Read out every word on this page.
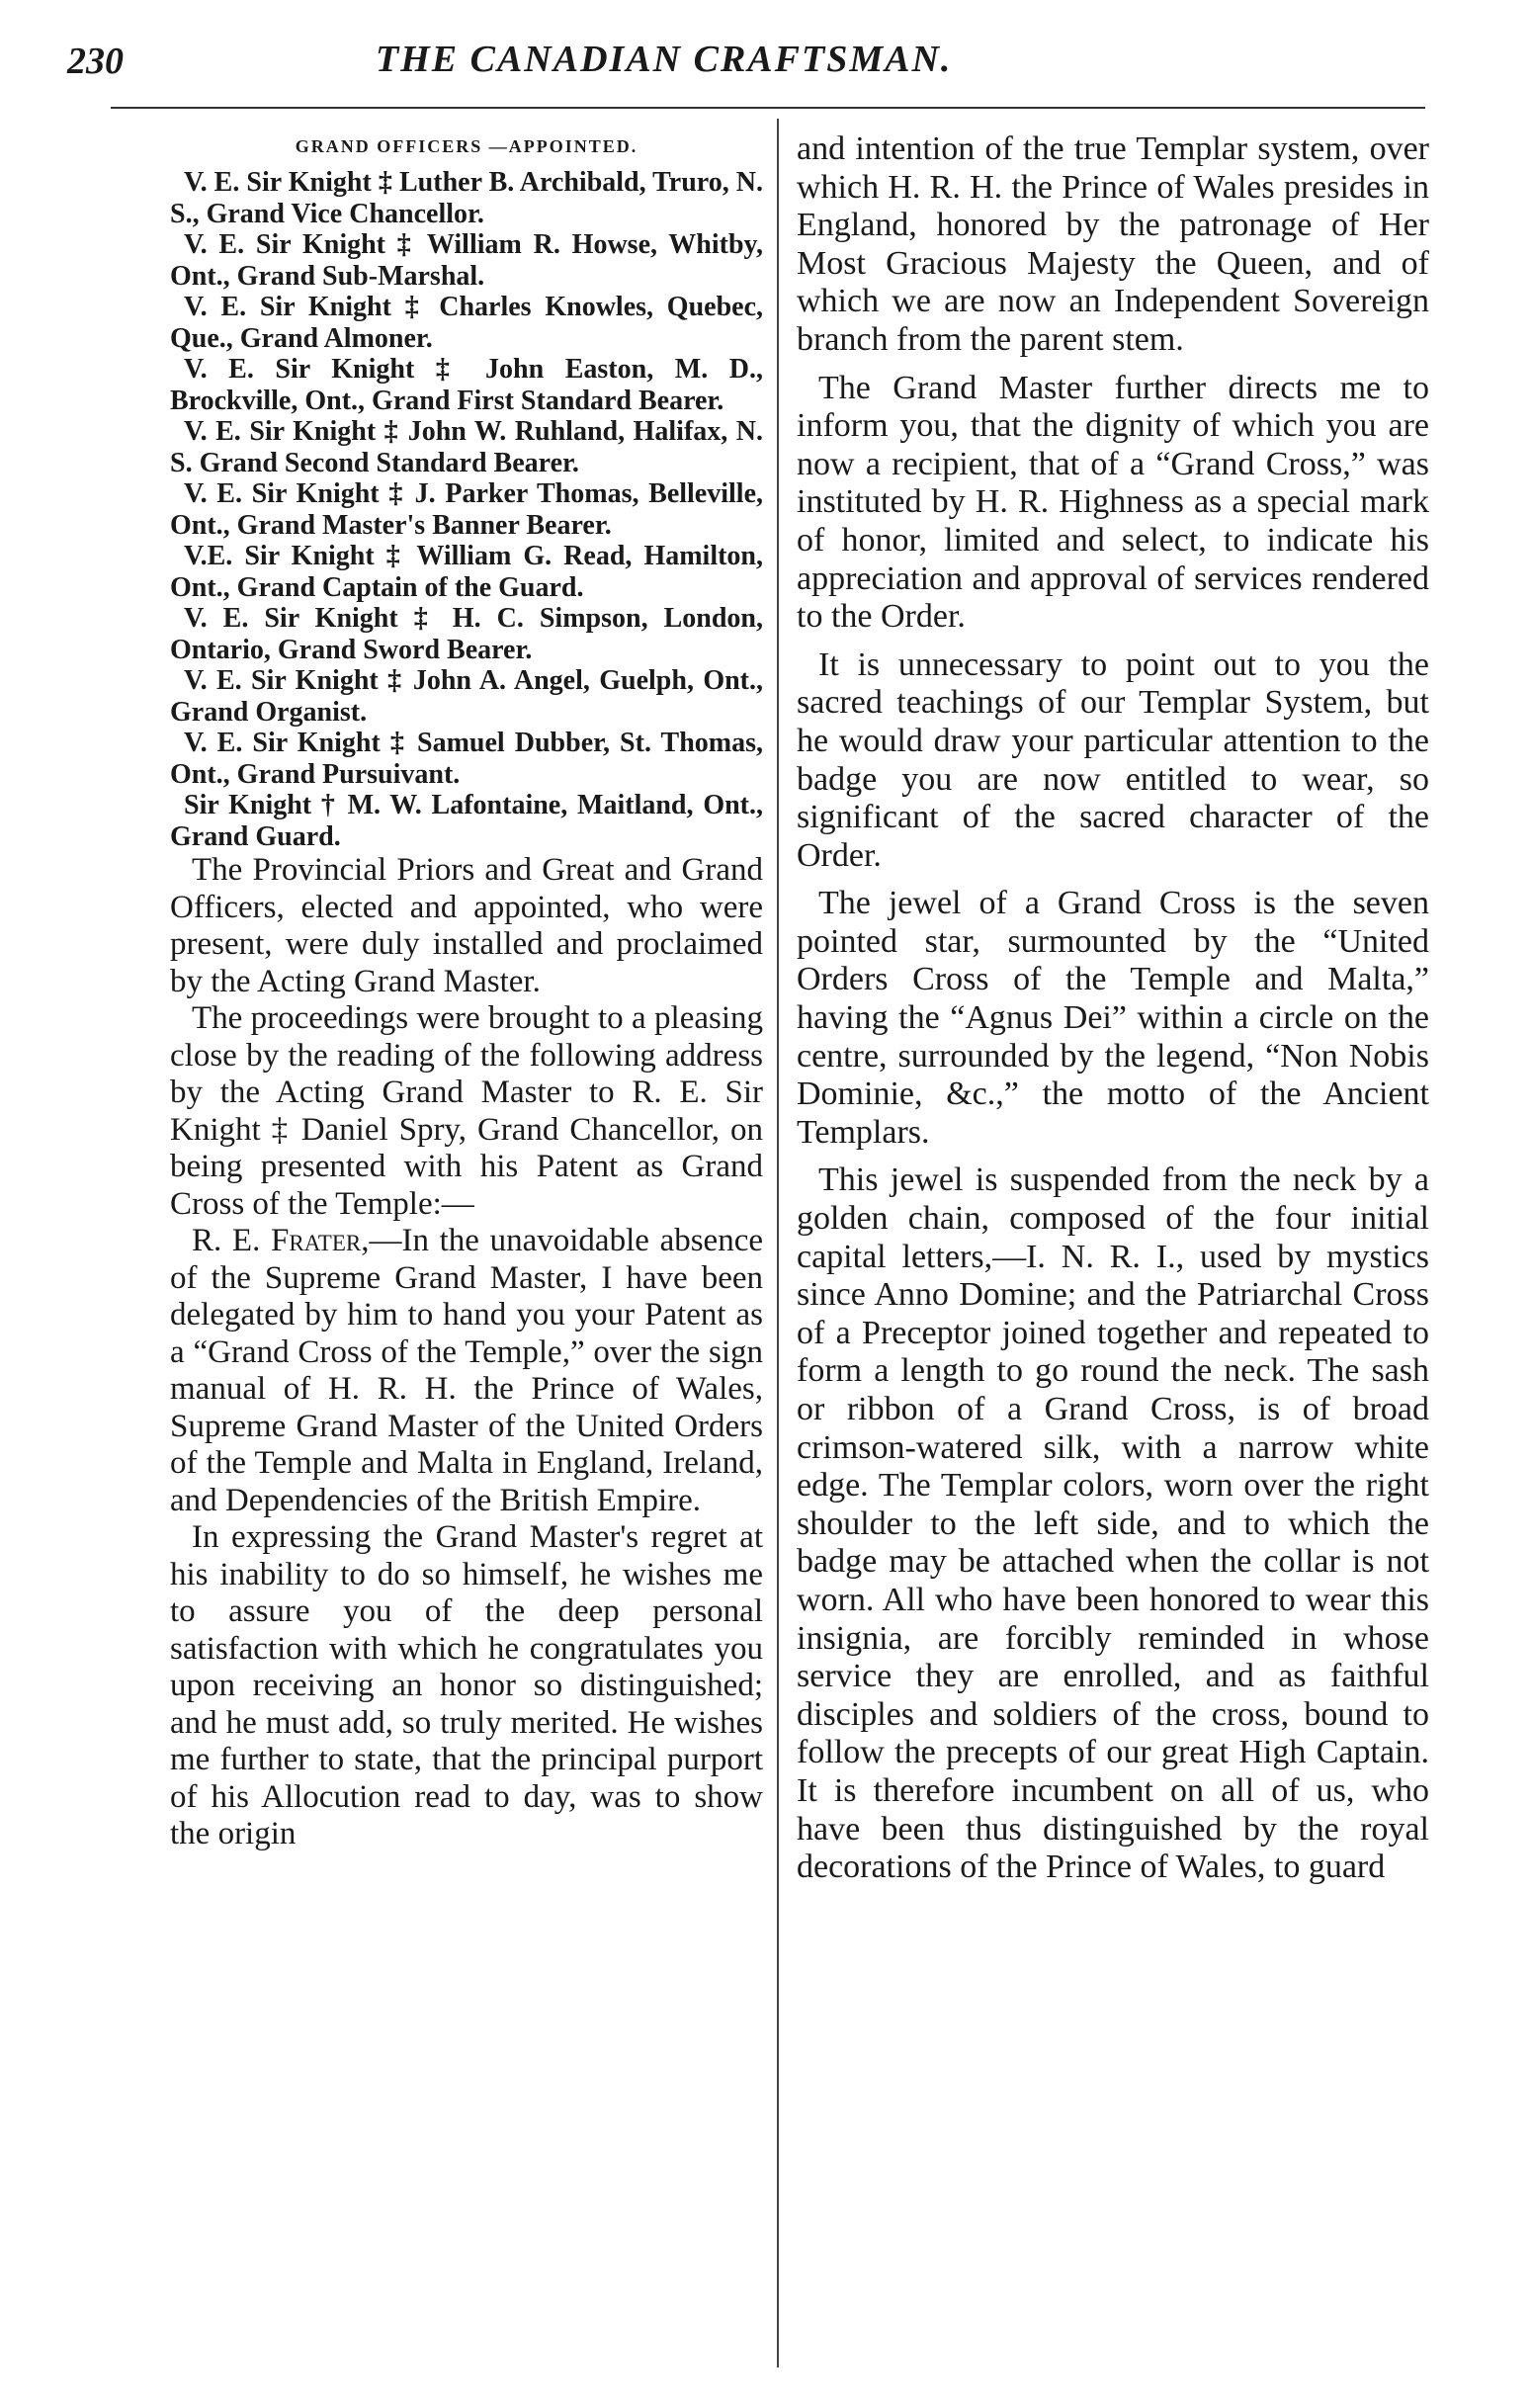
230	THE CANADIAN CRAFTSMAN.
GRAND OFFICERS —APPOINTED.

V. E. Sir Knight ‡ Luther B. Archibald, Truro, N. S., Grand Vice Chancellor.

V. E. Sir Knight ‡ William R. Howse, Whitby, Ont., Grand Sub-Marshal.

V. E. Sir Knight ‡ Charles Knowles, Quebec, Que., Grand Almoner.

V. E. Sir Knight ‡ John Easton, M. D., Brockville, Ont., Grand First Standard Bearer.

V. E. Sir Knight ‡ John W. Ruhland, Halifax, N. S. Grand Second Standard Bearer.

V. E. Sir Knight ‡ J. Parker Thomas, Belleville, Ont., Grand Master's Banner Bearer.

V.E. Sir Knight ‡ William G. Read, Hamilton, Ont., Grand Captain of the Guard.

V. E. Sir Knight ‡ H. C. Simpson, London, Ontario, Grand Sword Bearer.

V. E. Sir Knight ‡ John A. Angel, Guelph, Ont., Grand Organist.

V. E. Sir Knight ‡ Samuel Dubber, St. Thomas, Ont., Grand Pursuivant.

Sir Knight † M. W. Lafontaine, Maitland, Ont., Grand Guard.

The Provincial Priors and Great and Grand Officers, elected and appointed, who were present, were duly installed and proclaimed by the Acting Grand Master.

The proceedings were brought to a pleasing close by the reading of the following address by the Acting Grand Master to R. E. Sir Knight ‡ Daniel Spry, Grand Chancellor, on being presented with his Patent as Grand Cross of the Temple:—

R. E. Frater,—In the unavoidable absence of the Supreme Grand Master, I have been delegated by him to hand you your Patent as a “Grand Cross of the Temple,” over the sign manual of H. R. H. the Prince of Wales, Supreme Grand Master of the United Orders of the Temple and Malta in England, Ireland, and Dependencies of the British Empire.

In expressing the Grand Master's regret at his inability to do so himself, he wishes me to assure you of the deep personal satisfaction with which he congratulates you upon receiving an honor so distinguished; and he must add, so truly merited. He wishes me further to state, that the principal purport of his Allocution read to day, was to show the origin

and intention of the true Templar system, over which H. R. H. the Prince of Wales presides in England, honored by the patronage of Her Most Gracious Majesty the Queen, and of which we are now an Independent Sovereign branch from the parent stem.

The Grand Master further directs me to inform you, that the dignity of which you are now a recipient, that of a “Grand Cross,” was instituted by H. R. Highness as a special mark of honor, limited and select, to indicate his appreciation and approval of services rendered to the Order.

It is unnecessary to point out to you the sacred teachings of our Templar System, but he would draw your particular attention to the badge you are now entitled to wear, so significant of the sacred character of the Order.

The jewel of a Grand Cross is the seven pointed star, surmounted by the “United Orders Cross of the Temple and Malta,” having the “Agnus Dei” within a circle on the centre, surrounded by the legend, “Non Nobis Dominie, &c.,” the motto of the Ancient Templars.

This jewel is suspended from the neck by a golden chain, composed of the four initial capital letters,—I. N. R. I., used by mystics since Anno Domine; and the Patriarchal Cross of a Preceptor joined together and repeated to form a length to go round the neck. The sash or ribbon of a Grand Cross, is of broad crimson-watered silk, with a narrow white edge. The Templar colors, worn over the right shoulder to the left side, and to which the badge may be attached when the collar is not worn. All who have been honored to wear this insignia, are forcibly reminded in whose service they are enrolled, and as faithful disciples and soldiers of the cross, bound to follow the precepts of our great High Captain. It is therefore incumbent on all of us, who have been thus distinguished by the royal decorations of the Prince of Wales, to guard
